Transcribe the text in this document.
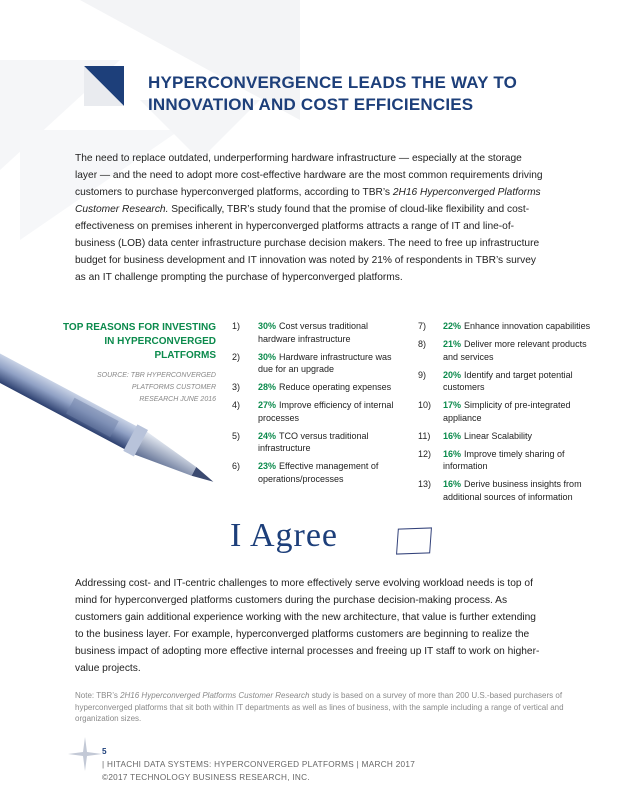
HYPERCONVERGENCE LEADS THE WAY TO
INNOVATION AND COST EFFICIENCIES

The need to replace outdated, underperforming hardware infrastructure — especially at the storage layer — and the need to adopt more cost-effective hardware are the most common requirements driving customers to purchase hyperconverged platforms, according to TBR’s 2H16 Hyperconverged Platforms Customer Research. Specifically, TBR’s study found that the promise of cloud-like flexibility and cost-effectiveness on premises inherent in hyperconverged platforms attracts a range of IT and line-of-business (LOB) data center infrastructure purchase decision makers. The need to free up infrastructure budget for business development and IT innovation was noted by 21% of respondents in TBR’s survey as an IT challenge prompting the purchase of hyperconverged platforms.

TOP REASONS FOR INVESTING
IN HYPERCONVERGED
PLATFORMS
SOURCE: TBR HYPERCONVERGED
PLATFORMS CUSTOMER
RESEARCH JUNE 2016
1)	30% Cost versus traditional hardware infrastructure
2)	30% Hardware infrastructure was due for an upgrade
3)	28% Reduce operating expenses
4)	27% Improve efficiency of internal processes
5)	24% TCO versus traditional infrastructure
6)	23% Effective management of operations/processes
7)	22% Enhance innovation capabilities
8)	21% Deliver more relevant products and services
9)	20% Identify and target potential customers
10)	17% Simplicity of pre-integrated appliance
11)	16% Linear Scalability
12)	16% Improve timely sharing of information
13)	16% Derive business insights from additional sources of information
I Agree

Addressing cost- and IT-centric challenges to more effectively serve evolving workload needs is top of mind for hyperconverged platforms customers during the purchase decision-making process. As customers gain additional experience working with the new architecture, that value is further extending to the business layer. For example, hyperconverged platforms customers are beginning to realize the business impact of adopting more effective internal processes and freeing up IT staff to work on higher-value projects.

Note: TBR’s 2H16 Hyperconverged Platforms Customer Research study is based on a survey of more than 200 U.S.-based purchasers of hyperconverged platforms that sit both within IT departments as well as lines of business, with the sample including a range of vertical and organization sizes.

5
| HITACHI DATA SYSTEMS: HYPERCONVERGED PLATFORMS | MARCH 2017
©2017 TECHNOLOGY BUSINESS RESEARCH, INC.
